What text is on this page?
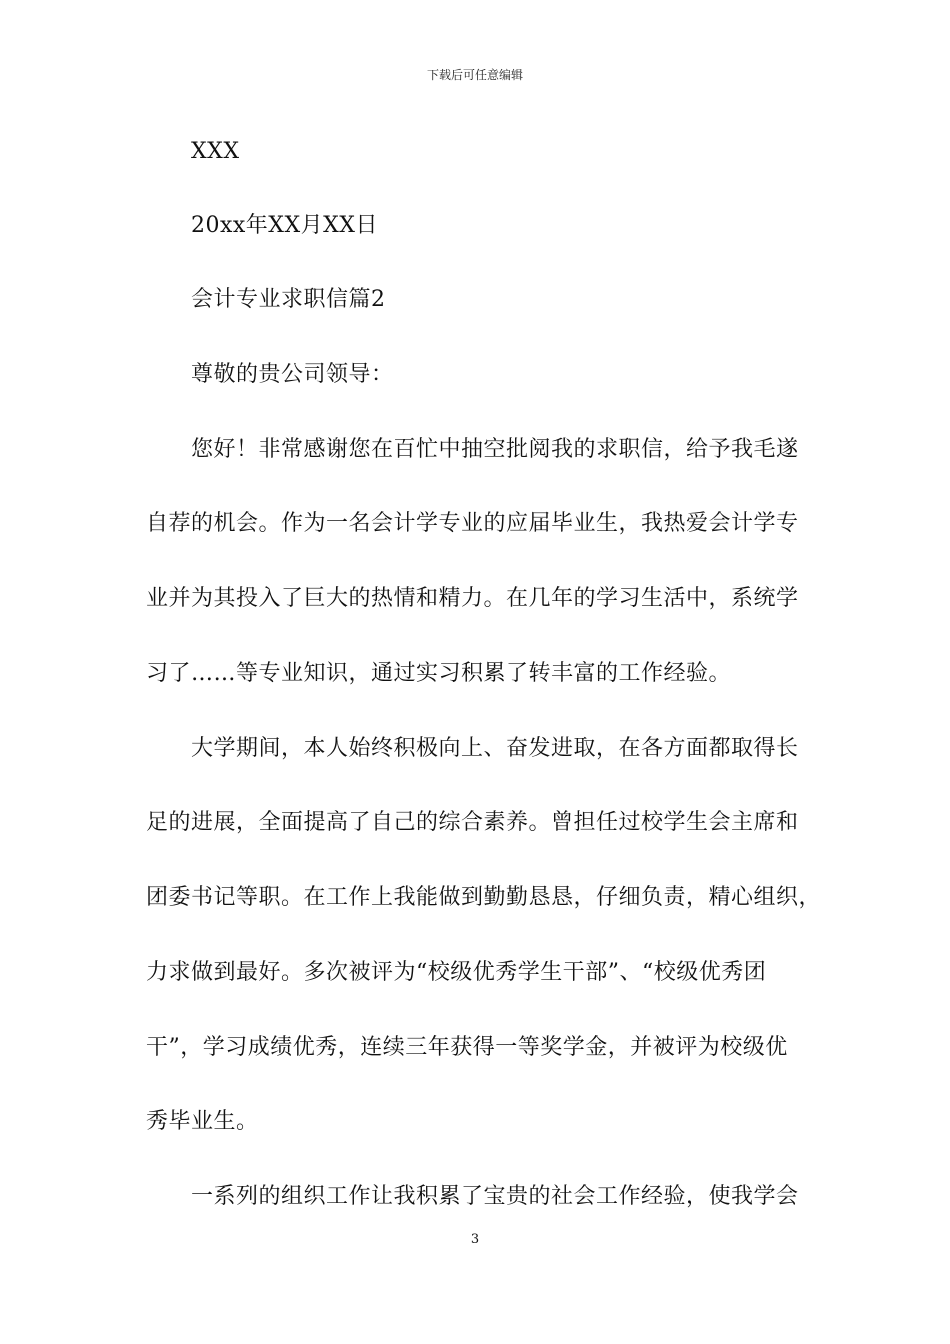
下载后可任意编辑
XXX
20xx年XX月XX日
会计专业求职信篇2
尊敬的贵公司领导：
您好！非常感谢您在百忙中抽空批阅我的求职信，给予我毛遂
自荐的机会。作为一名会计学专业的应届毕业生，我热爱会计学专
业并为其投入了巨大的热情和精力。在几年的学习生活中，系统学
习了……等专业知识，通过实习积累了转丰富的工作经验。
大学期间，本人始终积极向上、奋发进取，在各方面都取得长
足的进展，全面提高了自己的综合素养。曾担任过校学生会主席和
团委书记等职。在工作上我能做到勤勤恳恳，仔细负责，精心组织，
力求做到最好。多次被评为“校级优秀学生干部”、“校级优秀团
干”，学习成绩优秀，连续三年获得一等奖学金，并被评为校级优
秀毕业生。
一系列的组织工作让我积累了宝贵的社会工作经验，使我学会
3
